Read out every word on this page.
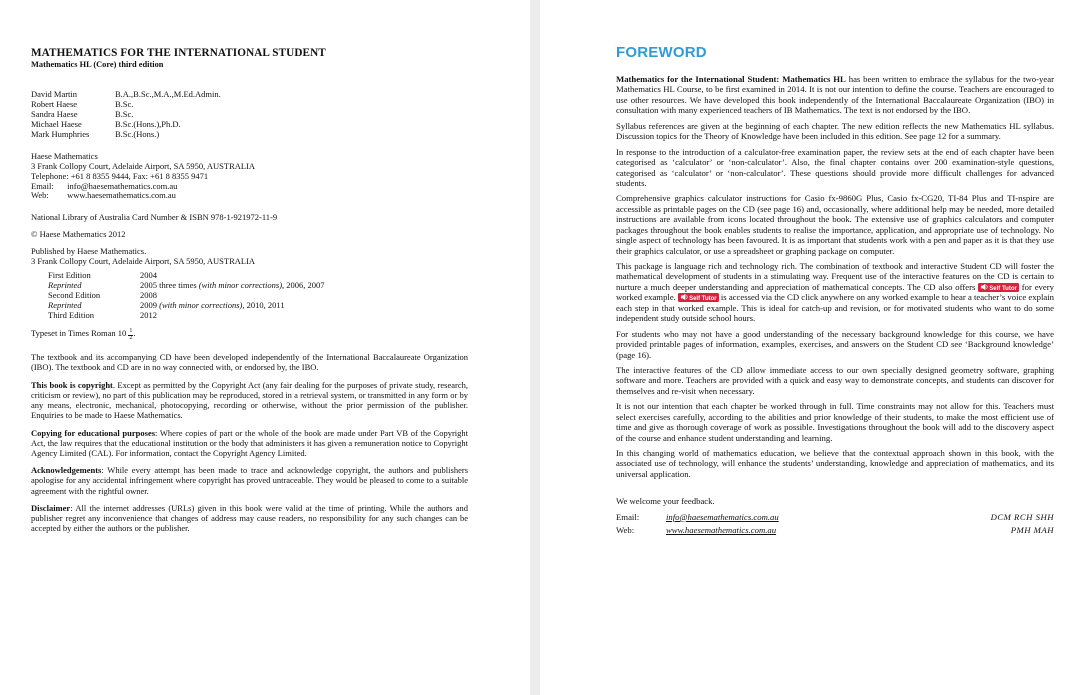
MATHEMATICS FOR THE INTERNATIONAL STUDENT
Mathematics HL (Core) third edition
David Martin	B.A.,B.Sc.,M.A.,M.Ed.Admin.
Robert Haese	B.Sc.
Sandra Haese	B.Sc.
Michael Haese	B.Sc.(Hons.),Ph.D.
Mark Humphries	B.Sc.(Hons.)

Haese Mathematics

3 Frank Collopy Court, Adelaide Airport, SA 5950, AUSTRALIA

Telephone: +61 8 8355 9444, Fax: +61 8 8355 9471

Email: info@haesemathematics.com.au

Web: www.haesemathematics.com.au

National Library of Australia Card Number & ISBN 978-1-921972-11-9

© Haese Mathematics 2012

Published by Haese Mathematics.

3 Frank Collopy Court, Adelaide Airport, SA 5950, AUSTRALIA

First Edition	2004
Reprinted	2005 three times (with minor corrections), 2006, 2007
Second Edition	2008
Reprinted	2009 (with minor corrections), 2010, 2011
Third Edition	2012

Typeset in Times Roman $10 \frac{1}{2}$ .

The textbook and its accompanying CD have been developed independently of the International Baccalaureate Organization (IBO). The textbook and CD are in no way connected with, or endorsed by, the IBO.

This book is copyright. Except as permitted by the Copyright Act (any fair dealing for the purposes of private study, research, criticism or review), no part of this publication may be reproduced, stored in a retrieval system, or transmitted in any form or by any means, electronic, mechanical, photocopying, recording or otherwise, without the prior permission of the publisher. Enquiries to be made to Haese Mathematics.

Copying for educational purposes: Where copies of part or the whole of the book are made under Part VB of the Copyright Act, the law requires that the educational institution or the body that administers it has given a remuneration notice to Copyright Agency Limited (CAL). For information, contact the Copyright Agency Limited.

Acknowledgements: While every attempt has been made to trace and acknowledge copyright, the authors and publishers apologise for any accidental infringement where copyright has proved untraceable. They would be pleased to come to a suitable agreement with the rightful owner.

Disclaimer: All the internet addresses (URLs) given in this book were valid at the time of printing. While the authors and publisher regret any inconvenience that changes of address may cause readers, no responsibility for any such changes can be accepted by either the authors or the publisher.

FOREWORD

Mathematics for the International Student: Mathematics HL has been written to embrace the syllabus for the two-year Mathematics HL Course, to be first examined in 2014. It is not our intention to define the course. Teachers are encouraged to use other resources. We have developed this book independently of the International Baccalaureate Organization (IBO) in consultation with many experienced teachers of IB Mathematics. The text is not endorsed by the IBO.

Syllabus references are given at the beginning of each chapter. The new edition reflects the new Mathematics HL syllabus. Discussion topics for the Theory of Knowledge have been included in this edition. See page 12 for a summary.

In response to the introduction of a calculator-free examination paper, the review sets at the end of each chapter have been categorised as ‘calculator’ or ‘non-calculator’. Also, the final chapter contains over 200 examination-style questions, categorised as ‘calculator’ or ‘non-calculator’. These questions should provide more difficult challenges for advanced students.

Comprehensive graphics calculator instructions for Casio fx-9860G Plus, Casio fx-CG20, TI-84 Plus and TI-nspire are accessible as printable pages on the CD (see page 16) and, occasionally, where additional help may be needed, more detailed instructions are available from icons located throughout the book. The extensive use of graphics calculators and computer packages throughout the book enables students to realise the importance, application, and appropriate use of technology. No single aspect of technology has been favoured. It is as important that students work with a pen and paper as it is that they use their graphics calculator, or use a spreadsheet or graphing package on computer.

This package is language rich and technology rich. The combination of textbook and interactive Student CD will foster the mathematical development of students in a stimulating way. Frequent use of the interactive features on the CD is certain to nurture a much deeper understanding and appreciation of mathematical concepts. The CD also offers Self Tutor for every worked example. Self Tutor is accessed via the CD click anywhere on any worked example to hear a teacher’s voice explain each step in that worked example. This is ideal for catch-up and revision, or for motivated students who want to do some independent study outside school hours.

For students who may not have a good understanding of the necessary background knowledge for this course, we have provided printable pages of information, examples, exercises, and answers on the Student CD see ‘Background knowledge’ (page 16).

The interactive features of the CD allow immediate access to our own specially designed geometry software, graphing software and more. Teachers are provided with a quick and easy way to demonstrate concepts, and students can discover for themselves and re-visit when necessary.

It is not our intention that each chapter be worked through in full. Time constraints may not allow for this. Teachers must select exercises carefully, according to the abilities and prior knowledge of their students, to make the most efficient use of time and give as thorough coverage of work as possible. Investigations throughout the book will add to the discovery aspect of the course and enhance student understanding and learning.

In this changing world of mathematics education, we believe that the contextual approach shown in this book, with the associated use of technology, will enhance the students’ understanding, knowledge and appreciation of mathematics, and its universal application.

We welcome your feedback.

Email:	info@haesemathematics.com.au	DCM RCH SHH
Web:	www.haesemathematics.com.au	PMH MAH
